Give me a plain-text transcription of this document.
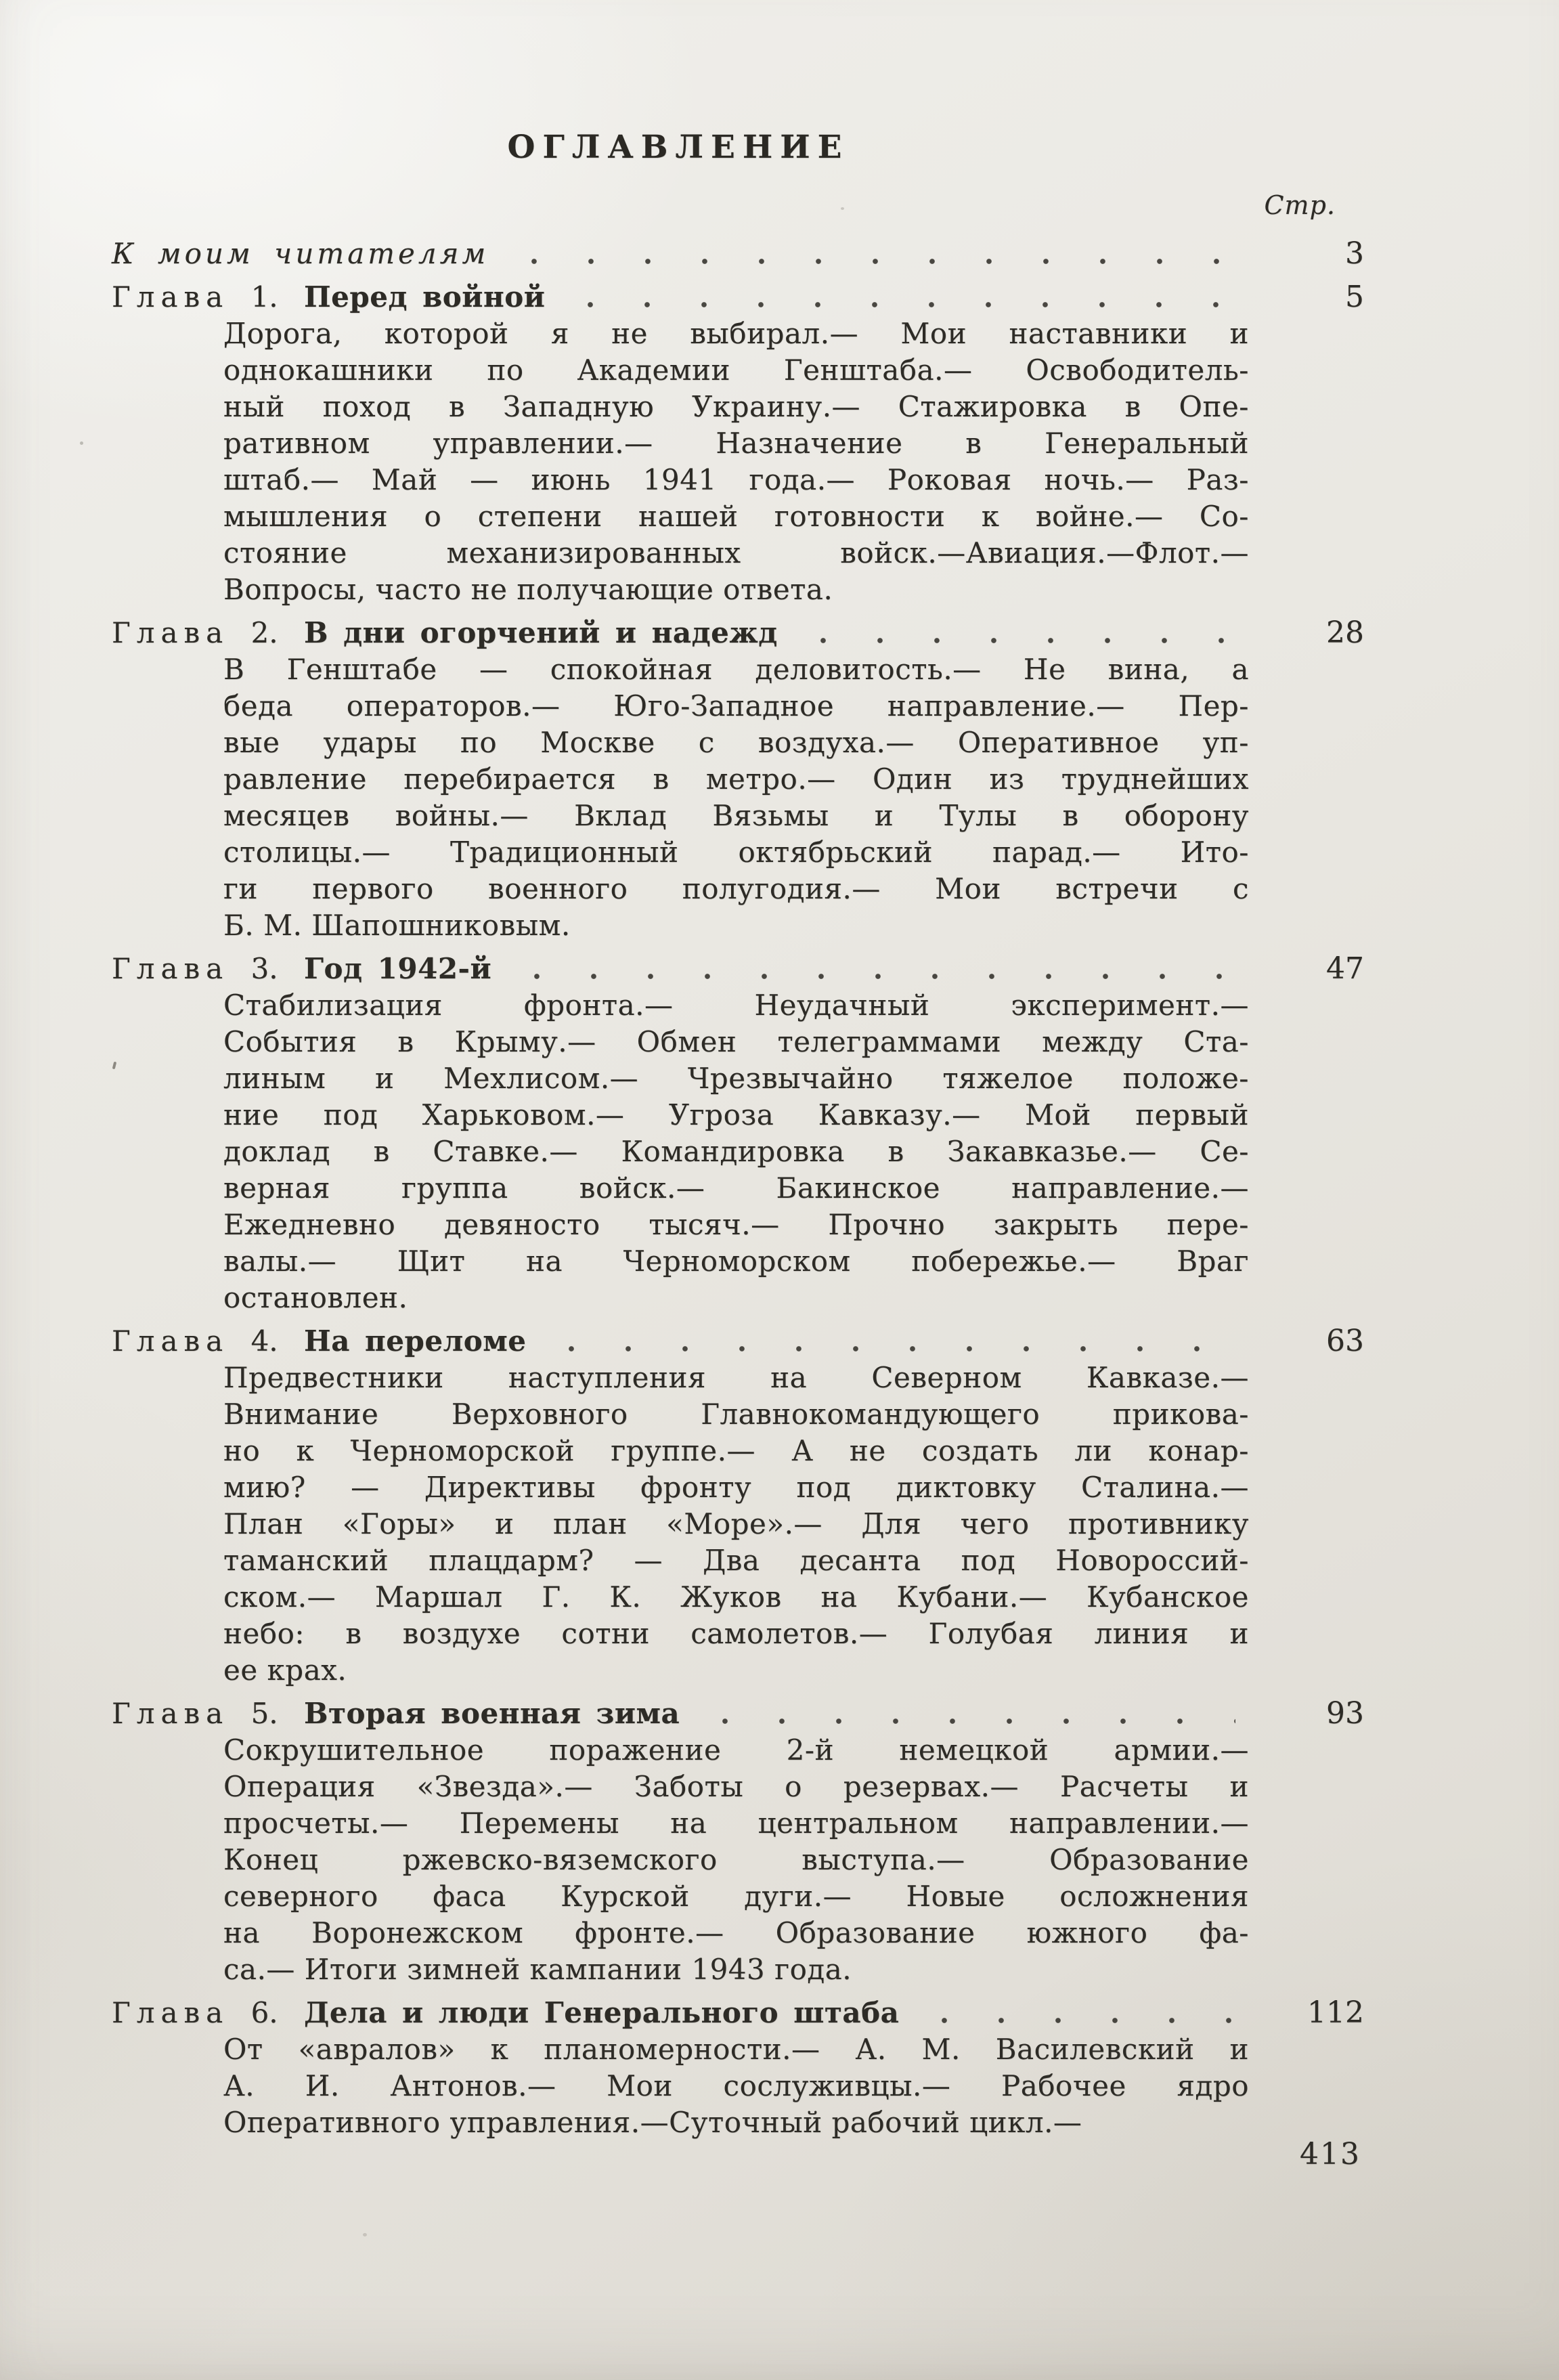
ОГЛАВЛЕНИЕ
Стр.
К моим читателям	3
Глава 1. Перед войной	5
Дорога, которой я не выбирал.— Мои наставники и
однокашники по Академии Генштаба.— Освободитель-
ный поход в Западную Украину.— Стажировка в Опе-
ративном управлении.— Назначение в Генеральный
штаб.— Май — июнь 1941 года.— Роковая ночь.— Раз-
мышления о степени нашей готовности к войне.— Со-
стояние механизированных войск.—Авиация.—Флот.—
Вопросы, часто не получающие ответа.
Глава 2. В дни огорчений и надежд	28
В Генштабе — спокойная деловитость.— Не вина, а
беда операторов.— Юго-Западное направление.— Пер-
вые удары по Москве с воздуха.— Оперативное уп-
равление перебирается в метро.— Один из труднейших
месяцев войны.— Вклад Вязьмы и Тулы в оборону
столицы.— Традиционный октябрьский парад.— Ито-
ги первого военного полугодия.— Мои встречи с
Б. М. Шапошниковым.
Глава 3. Год 1942-й	47
Стабилизация фронта.— Неудачный эксперимент.—
События в Крыму.— Обмен телеграммами между Ста-
линым и Мехлисом.— Чрезвычайно тяжелое положе-
ние под Харьковом.— Угроза Кавказу.— Мой первый
доклад в Ставке.— Командировка в Закавказье.— Се-
верная группа войск.— Бакинское направление.—
Ежедневно девяносто тысяч.— Прочно закрыть пере-
валы.— Щит на Черноморском побережье.— Враг
остановлен.
Глава 4. На переломе	63
Предвестники наступления на Северном Кавказе.—
Внимание Верховного Главнокомандующего прикова-
но к Черноморской группе.— А не создать ли конар-
мию? — Директивы фронту под диктовку Сталина.—
План «Горы» и план «Море».— Для чего противнику
таманский плацдарм? — Два десанта под Новороссий-
ском.— Маршал Г. К. Жуков на Кубани.— Кубанское
небо: в воздухе сотни самолетов.— Голубая линия и
ее крах.
Глава 5. Вторая военная зима	93
Сокрушительное поражение 2-й немецкой армии.—
Операция «Звезда».— Заботы о резервах.— Расчеты и
просчеты.— Перемены на центральном направлении.—
Конец ржевско-вяземского выступа.— Образование
северного фаса Курской дуги.— Новые осложнения
на Воронежском фронте.— Образование южного фа-
са.— Итоги зимней кампании 1943 года.
Глава 6. Дела и люди Генерального штаба	112
От «авралов» к планомерности.— А. М. Василевский и
А. И. Антонов.— Мои сослуживцы.— Рабочее ядро
Оперативного управления.—Суточный рабочий цикл.—
413
